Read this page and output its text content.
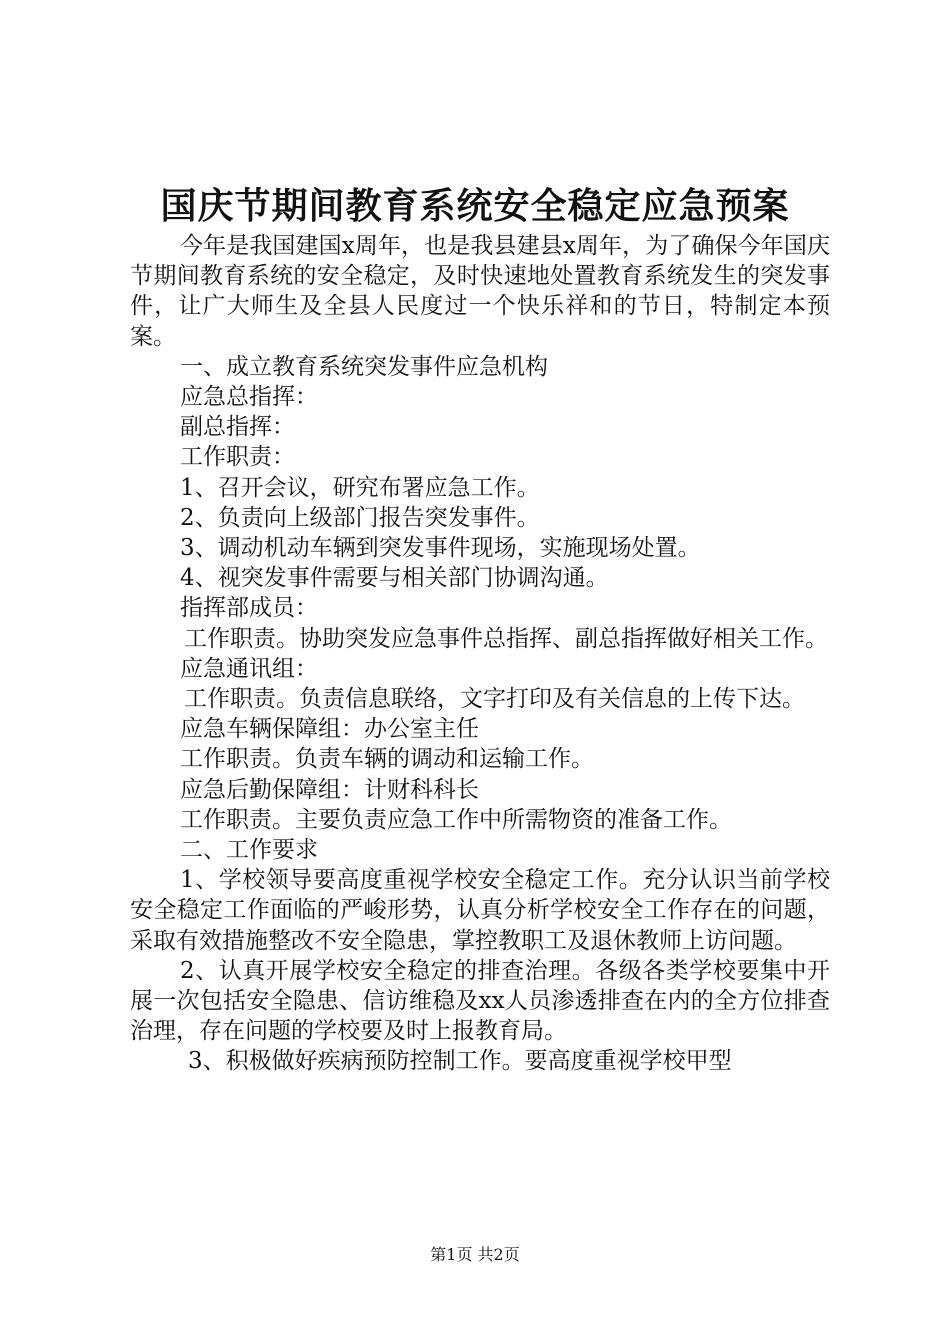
国庆节期间教育系统安全稳定应急预案

今年是我国建国x周年，也是我县建县x周年，为了确保今年国庆节期间教育系统的安全稳定，及时快速地处置教育系统发生的突发事件，让广大师生及全县人民度过一个快乐祥和的节日，特制定本预案。

一、成立教育系统突发事件应急机构

应急总指挥：

副总指挥：

工作职责：

1、召开会议，研究布署应急工作。

2、负责向上级部门报告突发事件。

3、调动机动车辆到突发事件现场，实施现场处置。

4、视突发事件需要与相关部门协调沟通。

指挥部成员：

工作职责。协助突发应急事件总指挥、副总指挥做好相关工作。

应急通讯组：

工作职责。负责信息联络，文字打印及有关信息的上传下达。

应急车辆保障组：办公室主任

工作职责。负责车辆的调动和运输工作。

应急后勤保障组：计财科科长

工作职责。主要负责应急工作中所需物资的准备工作。

二、工作要求

1、学校领导要高度重视学校安全稳定工作。充分认识当前学校安全稳定工作面临的严峻形势，认真分析学校安全工作存在的问题，采取有效措施整改不安全隐患，掌控教职工及退休教师上访问题。

2、认真开展学校安全稳定的排查治理。各级各类学校要集中开展一次包括安全隐患、信访维稳及xx人员渗透排查在内的全方位排查治理，存在问题的学校要及时上报教育局。

3、积极做好疾病预防控制工作。要高度重视学校甲型

第1页 共2页
